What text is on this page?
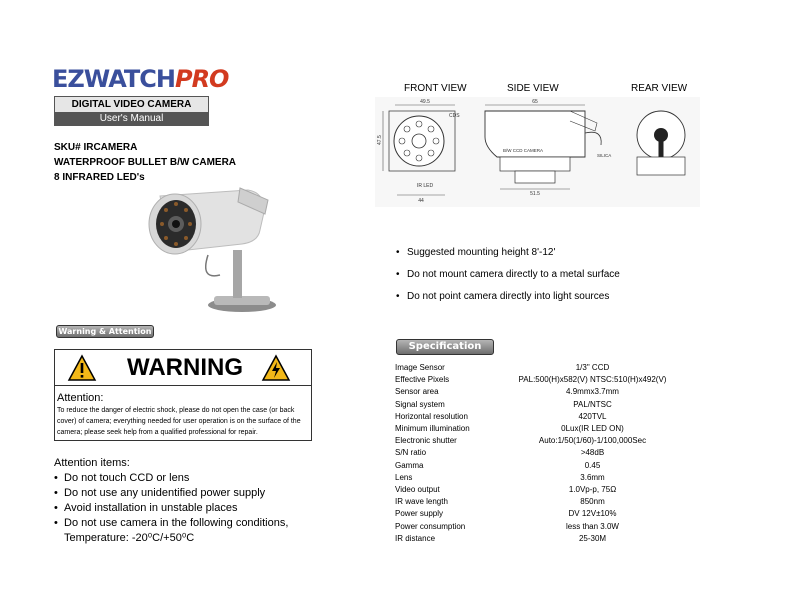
EZWATCHPRO
DIGITAL VIDEO CAMERA
User's Manual
SKU# IRCAMERA
WATERPROOF BULLET B/W CAMERA
8 INFRARED LED's
Warning & Attention
WARNING
Attention:
To reduce the danger of electric shock, please do not open the case (or back cover) of camera; everything needed for user operation is on the surface of the camera; please seek help from a qualified professional for repair.
Attention items:
• Do not touch CCD or lens
• Do not use any unidentified power supply
• Avoid installation in unstable places
• Do not use camera in the following conditions,
Temperature: -20⁰C/+50⁰C
FRONT VIEW	SIDE VIEW	REAR VIEW
49.5
CDS
47.5
IR LED
44
65
B/W CCD CAMERA
SILICA
51.5
• Suggested mounting height 8'-12'
• Do not mount camera directly to a metal surface
• Do not point camera directly into light sources
Specification
Image Sensor	1/3" CCD
Effective Pixels	PAL:500(H)x582(V) NTSC:510(H)x492(V)
Sensor area	4.9mmx3.7mm
Signal system	PAL/NTSC
Horizontal resolution	420TVL
Minimum illumination	0Lux(IR LED ON)
Electronic shutter	Auto:1/50(1/60)-1/100,000Sec
S/N ratio	>48dB
Gamma	0.45
Lens	3.6mm
Video output	1.0Vp-p, 75Ω
IR wave length	850nm
Power supply	DV 12V±10%
Power consumption	less than 3.0W
IR distance	25-30M
